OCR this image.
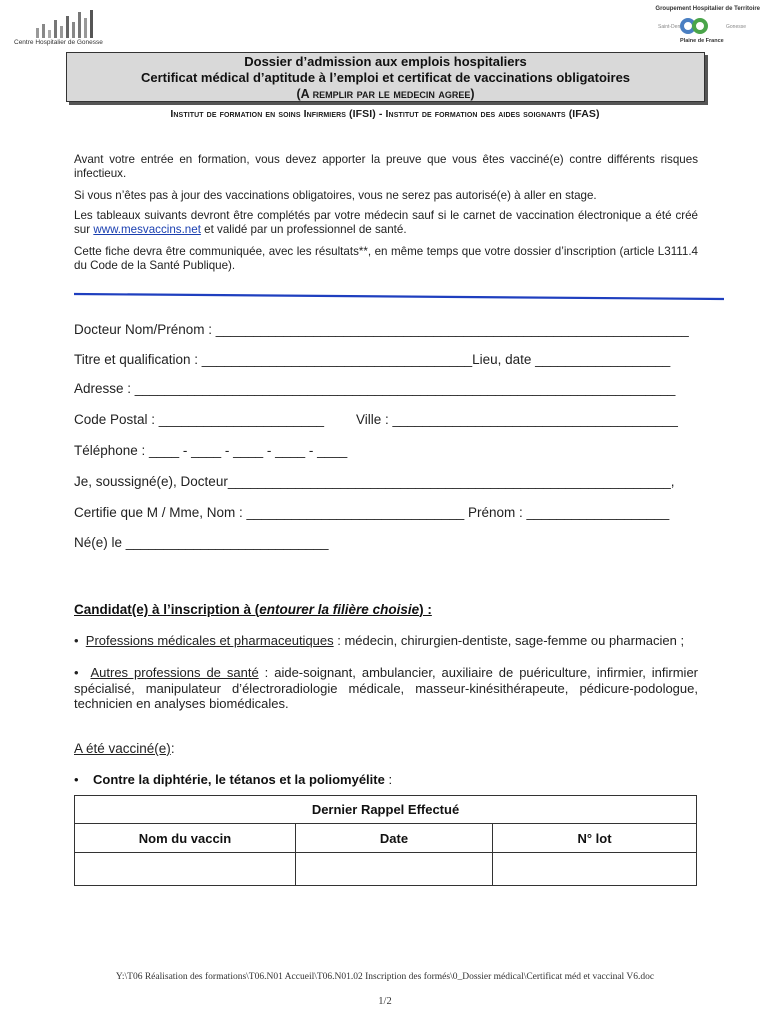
Centre Hospitalier de Gonesse
Groupement Hospitalier de Territoire
Saint-Denis	Gonesse
Plaine de France
Dossier d’admission aux emplois hospitaliers
Certificat médical d’aptitude à l’emploi et certificat de vaccinations obligatoires
(A remplir par le medecin agree)
Institut de formation en soins Infirmiers (IFSI) - Institut de formation des aides soignants (IFAS)
Avant votre entrée en formation, vous devez apporter la preuve que vous êtes vacciné(e) contre différents risques infectieux.
Si vous n’êtes pas à jour des vaccinations obligatoires, vous ne serez pas autorisé(e) à aller en stage.
Les tableaux suivants devront être complétés par votre médecin sauf si le carnet de vaccination électronique a été créé sur www.mesvaccins.net et validé par un professionnel de santé.
Cette fiche devra être communiquée, avec les résultats**, en même temps que votre dossier d’inscription (article L3111.4 du Code de la Santé Publique).
Docteur Nom/Prénom : _______________________________________________________________
Titre et qualification : ____________________________________Lieu, date __________________
Adresse : ________________________________________________________________________
Code Postal : ______________________ Ville : ______________________________________
Téléphone : ____ - ____ - ____ - ____ - ____
Je, soussigné(e), Docteur___________________________________________________________,
Certifie que M / Mme, Nom : _____________________________ Prénom : ___________________
Né(e) le ___________________________
Candidat(e) à l’inscription à (entourer la filière choisie) :
•  Professions médicales et pharmaceutiques : médecin, chirurgien-dentiste, sage-femme ou pharmacien ;
•  Autres professions de santé : aide-soignant, ambulancier, auxiliaire de puériculture, infirmier, infirmier spécialisé, manipulateur d’électroradiologie médicale, masseur-kinésithérapeute, pédicure-podologue, technicien en analyses biomédicales.
A été vacciné(e):
•    Contre la diphtérie, le tétanos et la poliomyélite :
Dernier Rappel Effectué		
Nom du vaccin	Date	N° lot

Y:\T06 Réalisation des formations\T06.N01 Accueil\T06.N01.02 Inscription des formés\0_Dossier médical\Certificat méd et vaccinal V6.doc
1/2
